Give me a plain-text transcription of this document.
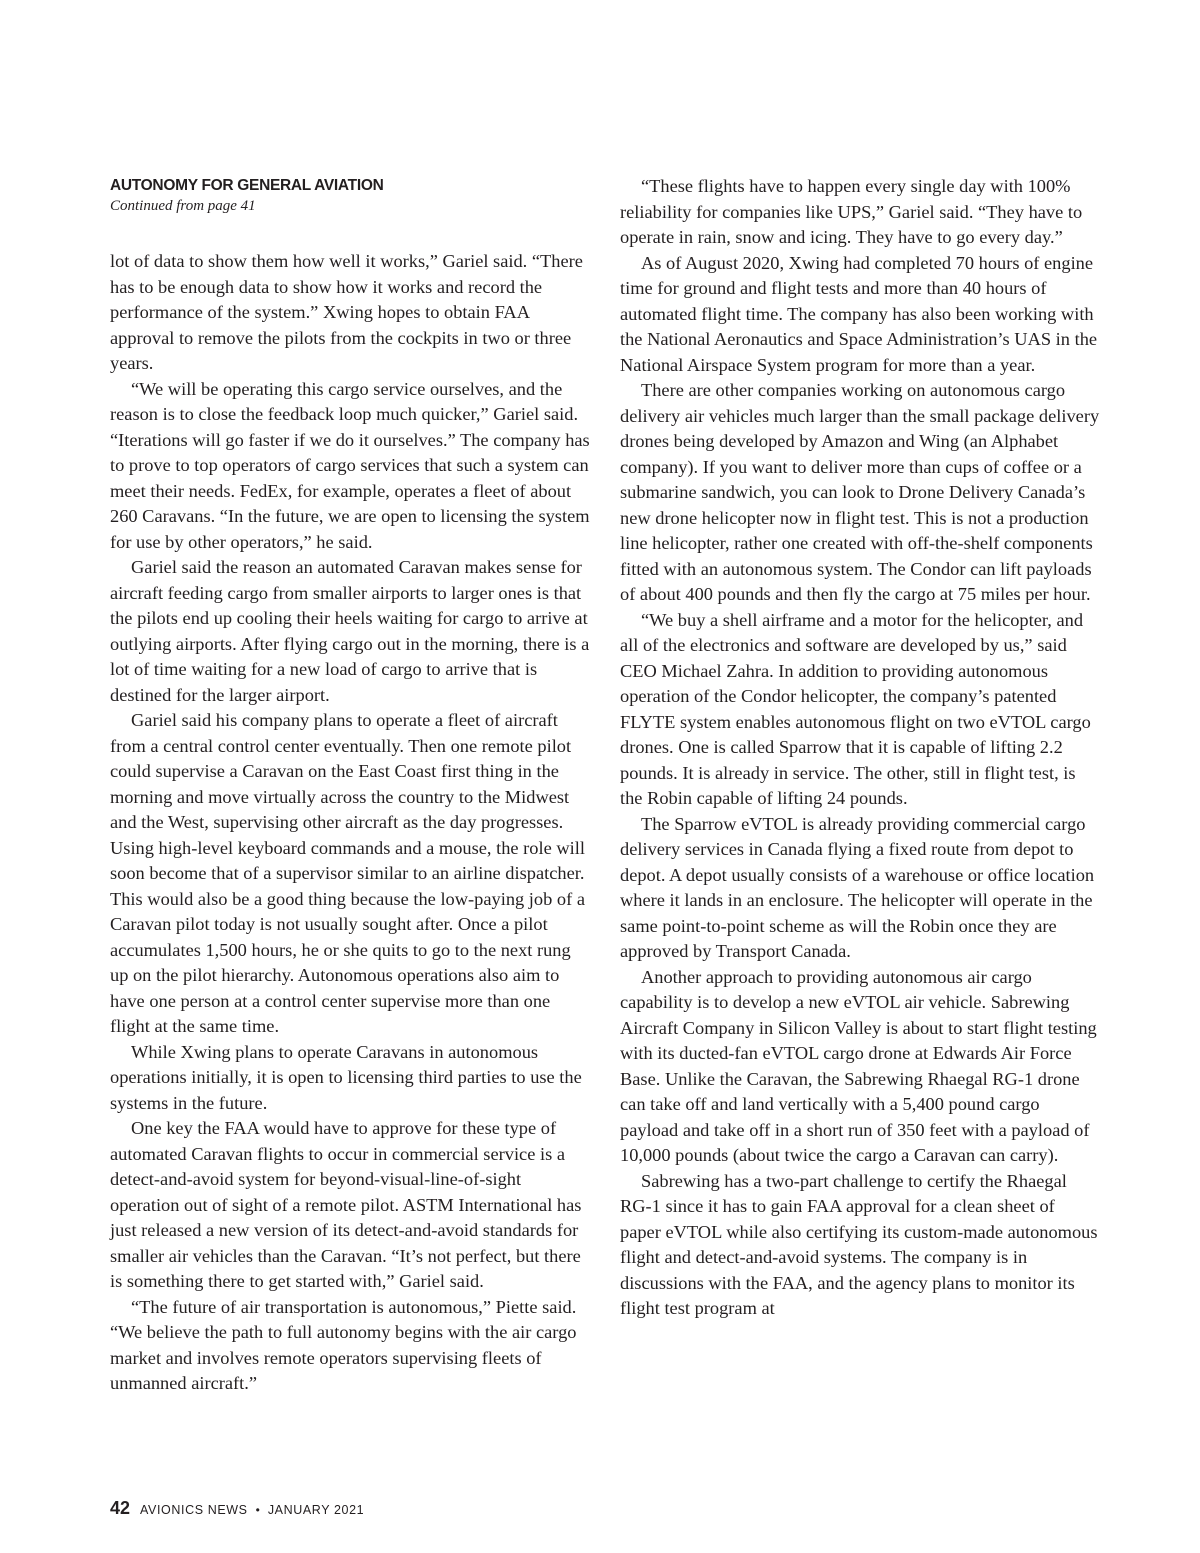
AUTONOMY FOR GENERAL AVIATION
Continued from page 41

lot of data to show them how well it works,” Gariel said. “There has to be enough data to show how it works and record the performance of the system.” Xwing hopes to obtain FAA approval to remove the pilots from the cockpits in two or three years.

“We will be operating this cargo service ourselves, and the reason is to close the feedback loop much quicker,” Gariel said. “Iterations will go faster if we do it ourselves.” The company has to prove to top operators of cargo services that such a system can meet their needs. FedEx, for example, operates a fleet of about 260 Caravans. “In the future, we are open to licensing the system for use by other operators,” he said.

Gariel said the reason an automated Caravan makes sense for aircraft feeding cargo from smaller airports to larger ones is that the pilots end up cooling their heels waiting for cargo to arrive at outlying airports. After flying cargo out in the morning, there is a lot of time waiting for a new load of cargo to arrive that is destined for the larger airport.

Gariel said his company plans to operate a fleet of aircraft from a central control center eventually. Then one remote pilot could supervise a Caravan on the East Coast first thing in the morning and move virtually across the country to the Midwest and the West, supervising other aircraft as the day progresses. Using high-level keyboard commands and a mouse, the role will soon become that of a supervisor similar to an airline dispatcher. This would also be a good thing because the low-paying job of a Caravan pilot today is not usually sought after. Once a pilot accumulates 1,500 hours, he or she quits to go to the next rung up on the pilot hierarchy. Autonomous operations also aim to have one person at a control center supervise more than one flight at the same time.

While Xwing plans to operate Caravans in autonomous operations initially, it is open to licensing third parties to use the systems in the future.

One key the FAA would have to approve for these type of automated Caravan flights to occur in commercial service is a detect-and-avoid system for beyond-visual-line-of-sight operation out of sight of a remote pilot. ASTM International has just released a new version of its detect-and-avoid standards for smaller air vehicles than the Caravan. “It’s not perfect, but there is something there to get started with,” Gariel said.

“The future of air transportation is autonomous,” Piette said. “We believe the path to full autonomy begins with the air cargo market and involves remote operators supervising fleets of unmanned aircraft.”

“These flights have to happen every single day with 100% reliability for companies like UPS,” Gariel said. “They have to operate in rain, snow and icing. They have to go every day.”

As of August 2020, Xwing had completed 70 hours of engine time for ground and flight tests and more than 40 hours of automated flight time. The company has also been working with the National Aeronautics and Space Administration’s UAS in the National Airspace System program for more than a year.

There are other companies working on autonomous cargo delivery air vehicles much larger than the small package delivery drones being developed by Amazon and Wing (an Alphabet company). If you want to deliver more than cups of coffee or a submarine sandwich, you can look to Drone Delivery Canada’s new drone helicopter now in flight test. This is not a production line helicopter, rather one created with off-the-shelf components fitted with an autonomous system. The Condor can lift payloads of about 400 pounds and then fly the cargo at 75 miles per hour.

“We buy a shell airframe and a motor for the helicopter, and all of the electronics and software are developed by us,” said CEO Michael Zahra. In addition to providing autonomous operation of the Condor helicopter, the company’s patented FLYTE system enables autonomous flight on two eVTOL cargo drones. One is called Sparrow that it is capable of lifting 2.2 pounds. It is already in service. The other, still in flight test, is the Robin capable of lifting 24 pounds.

The Sparrow eVTOL is already providing commercial cargo delivery services in Canada flying a fixed route from depot to depot. A depot usually consists of a warehouse or office location where it lands in an enclosure. The helicopter will operate in the same point-to-point scheme as will the Robin once they are approved by Transport Canada.

Another approach to providing autonomous air cargo capability is to develop a new eVTOL air vehicle. Sabrewing Aircraft Company in Silicon Valley is about to start flight testing with its ducted-fan eVTOL cargo drone at Edwards Air Force Base. Unlike the Caravan, the Sabrewing Rhaegal RG-1 drone can take off and land vertically with a 5,400 pound cargo payload and take off in a short run of 350 feet with a payload of 10,000 pounds (about twice the cargo a Caravan can carry).

Sabrewing has a two-part challenge to certify the Rhaegal RG-1 since it has to gain FAA approval for a clean sheet of paper eVTOL while also certifying its custom-made autonomous flight and detect-and-avoid systems. The company is in discussions with the FAA, and the agency plans to monitor its flight test program at

42 AVIONICS NEWS • JANUARY 2021
